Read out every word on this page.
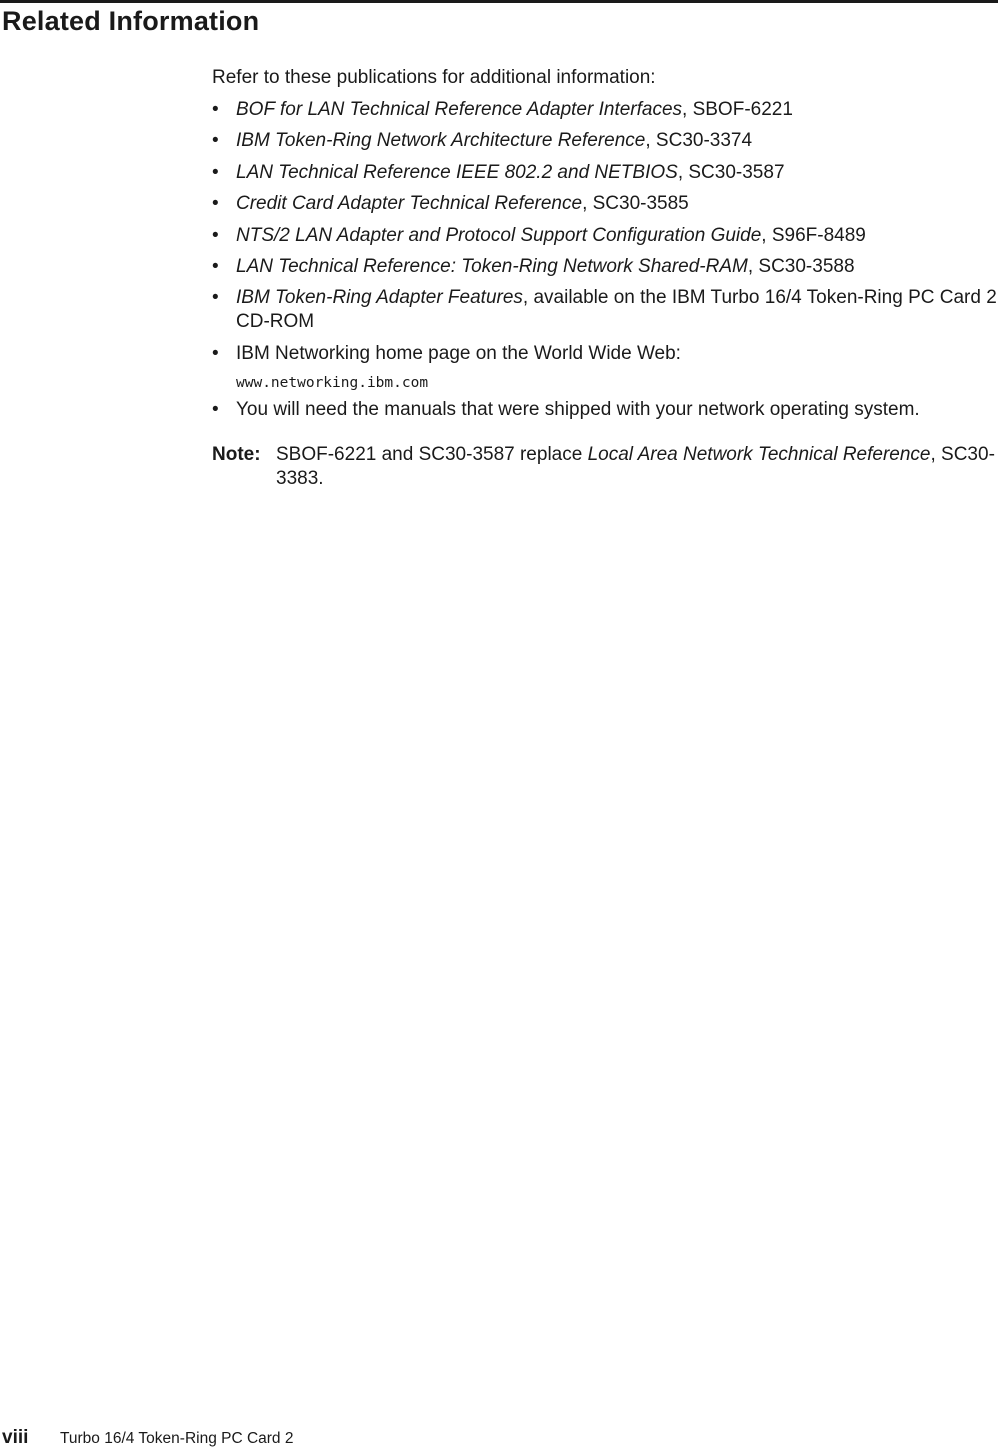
Related Information

Refer to these publications for additional information:

• BOF for LAN Technical Reference Adapter Interfaces, SBOF-6221
• IBM Token-Ring Network Architecture Reference, SC30-3374
• LAN Technical Reference IEEE 802.2 and NETBIOS, SC30-3587
• Credit Card Adapter Technical Reference, SC30-3585
• NTS/2 LAN Adapter and Protocol Support Configuration Guide, S96F-8489
• LAN Technical Reference: Token-Ring Network Shared-RAM, SC30-3588
• IBM Token-Ring Adapter Features, available on the IBM Turbo 16/4 Token-Ring PC Card 2 CD-ROM
• IBM Networking home page on the World Wide Web:
www.networking.ibm.com
• You will need the manuals that were shipped with your network operating system.
Note: SBOF-6221 and SC30-3587 replace Local Area Network Technical Reference, SC30-3383.
viii Turbo 16/4 Token-Ring PC Card 2
